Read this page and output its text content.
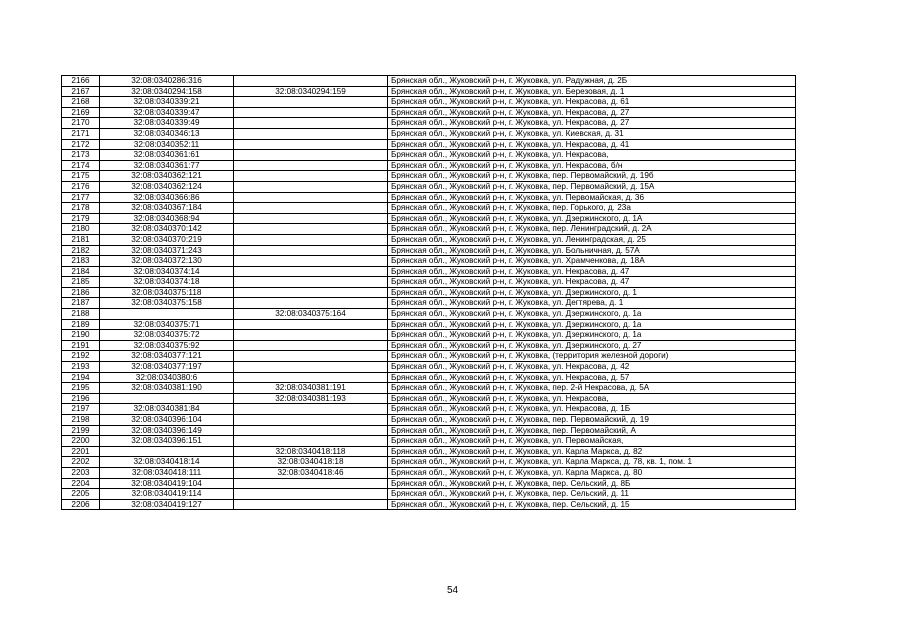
2166	32:08:0340286:316		Брянская обл., Жуковский р-н, г. Жуковка, ул. Радужная, д. 2Б
2167	32:08:0340294:158	32:08:0340294:159	Брянская обл., Жуковский р-н, г. Жуковка, ул. Березовая, д. 1
2168	32:08:0340339:21		Брянская обл., Жуковский р-н, г. Жуковка, ул. Некрасова, д. 61
2169	32:08:0340339:47		Брянская обл., Жуковский р-н, г. Жуковка, ул. Некрасова, д. 27
2170	32:08:0340339:49		Брянская обл., Жуковский р-н, г. Жуковка, ул. Некрасова, д. 27
2171	32:08:0340346:13		Брянская обл., Жуковский р-н, г. Жуковка, ул. Киевская, д. 31
2172	32:08:0340352:11		Брянская обл., Жуковский р-н, г. Жуковка, ул. Некрасова, д. 41
2173	32:08:0340361:61		Брянская обл., Жуковский р-н, г. Жуковка, ул. Некрасова,
2174	32:08:0340361:77		Брянская обл., Жуковский р-н, г. Жуковка, ул. Некрасова, б/н
2175	32:08:0340362:121		Брянская обл., Жуковский р-н, г. Жуковка, пер. Первомайский, д. 19б
2176	32:08:0340362:124		Брянская обл., Жуковский р-н, г. Жуковка, пер. Первомайский, д. 15А
2177	32:08:0340366:86		Брянская обл., Жуковский р-н, г. Жуковка, ул. Первомайская, д. 36
2178	32:08:0340367:184		Брянская обл., Жуковский р-н, г. Жуковка, пер. Горького, д. 23а
2179	32:08:0340368:94		Брянская обл., Жуковский р-н, г. Жуковка, ул. Дзержинского, д. 1А
2180	32:08:0340370:142		Брянская обл., Жуковский р-н, г. Жуковка, пер. Ленинградский, д. 2А
2181	32:08:0340370:219		Брянская обл., Жуковский р-н, г. Жуковка, ул. Ленинградская, д. 25
2182	32:08:0340371:243		Брянская обл., Жуковский р-н, г. Жуковка, ул. Больничная, д. 57А
2183	32:08:0340372:130		Брянская обл., Жуковский р-н, г. Жуковка, ул. Храмченкова, д. 18А
2184	32:08:0340374:14		Брянская обл., Жуковский р-н, г. Жуковка, ул. Некрасова, д. 47
2185	32:08:0340374:18		Брянская обл., Жуковский р-н, г. Жуковка, ул. Некрасова, д. 47
2186	32:08:0340375:118		Брянская обл., Жуковский р-н, г. Жуковка, ул. Дзержинского, д. 1
2187	32:08:0340375:158		Брянская обл., Жуковский р-н, г. Жуковка, ул. Дегтярева, д. 1
2188		32:08:0340375:164	Брянская обл., Жуковский р-н, г. Жуковка, ул. Дзержинского, д. 1а
2189	32:08:0340375:71		Брянская обл., Жуковский р-н, г. Жуковка, ул. Дзержинского, д. 1а
2190	32:08:0340375:72		Брянская обл., Жуковский р-н, г. Жуковка, ул. Дзержинского, д. 1а
2191	32:08:0340375:92		Брянская обл., Жуковский р-н, г. Жуковка, ул. Дзержинского, д. 27
2192	32:08:0340377:121		Брянская обл., Жуковский р-н, г. Жуковка, (территория железной дороги)
2193	32:08:0340377:197		Брянская обл., Жуковский р-н, г. Жуковка, ул. Некрасова, д. 42
2194	32:08:0340380:6		Брянская обл., Жуковский р-н, г. Жуковка, ул. Некрасова, д. 57
2195	32:08:0340381:190	32:08:0340381:191	Брянская обл., Жуковский р-н, г. Жуковка, пер. 2-й Некрасова, д. 5А
2196		32:08:0340381:193	Брянская обл., Жуковский р-н, г. Жуковка, ул. Некрасова,
2197	32:08:0340381:84		Брянская обл., Жуковский р-н, г. Жуковка, ул. Некрасова, д. 1Б
2198	32:08:0340396:104		Брянская обл., Жуковский р-н, г. Жуковка, пер. Первомайский, д. 19
2199	32:08:0340396:149		Брянская обл., Жуковский р-н, г. Жуковка, пер. Первомайский, А
2200	32:08:0340396:151		Брянская обл., Жуковский р-н, г. Жуковка, ул. Первомайская,
2201		32:08:0340418:118	Брянская обл., Жуковский р-н, г. Жуковка, ул. Карла Маркса, д. 82
2202	32:08:0340418:14	32:08:0340418:18	Брянская обл., Жуковский р-н, г. Жуковка, ул. Карла Маркса, д. 78, кв. 1, пом. 1
2203	32:08:0340418:111	32:08:0340418:46	Брянская обл., Жуковский р-н, г. Жуковка, ул. Карла Маркса, д. 80
2204	32:08:0340419:104		Брянская обл., Жуковский р-н, г. Жуковка, пер. Сельский, д. 8Б
2205	32:08:0340419:114		Брянская обл., Жуковский р-н, г. Жуковка, пер. Сельский, д. 11
2206	32:08:0340419:127		Брянская обл., Жуковский р-н, г. Жуковка, пер. Сельский, д. 15
54
